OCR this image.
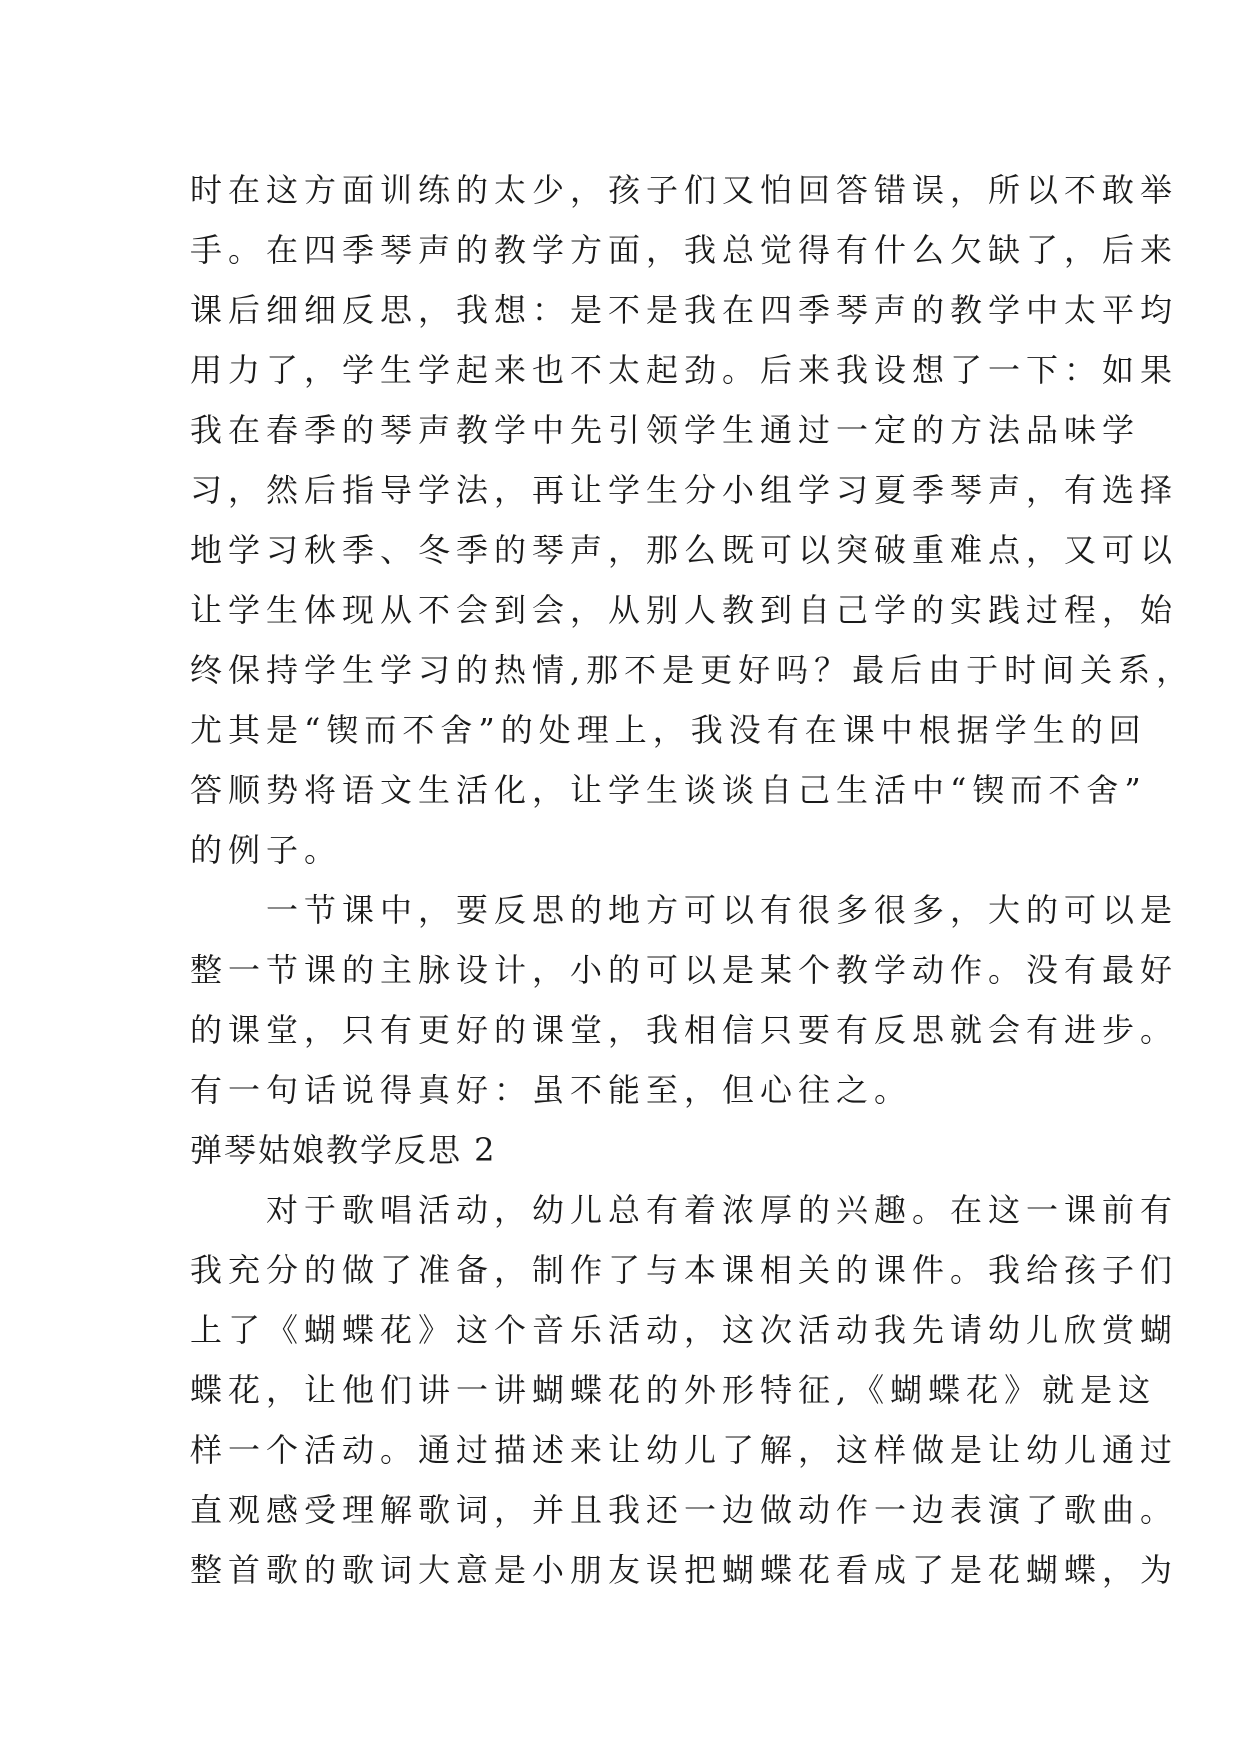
时在这方面训练的太少，孩子们又怕回答错误，所以不敢举
手。在四季琴声的教学方面，我总觉得有什么欠缺了，后来
课后细细反思，我想：是不是我在四季琴声的教学中太平均
用力了，学生学起来也不太起劲。后来我设想了一下：如果
我在春季的琴声教学中先引领学生通过一定的方法品味学
习，然后指导学法，再让学生分小组学习夏季琴声，有选择
地学习秋季、冬季的琴声，那么既可以突破重难点，又可以
让学生体现从不会到会，从别人教到自己学的实践过程，始
终保持学生学习的热情,那不是更好吗？最后由于时间关系，
尤其是“锲而不舍”的处理上，我没有在课中根据学生的回
答顺势将语文生活化，让学生谈谈自己生活中“锲而不舍”
的例子。
　　一节课中，要反思的地方可以有很多很多，大的可以是
整一节课的主脉设计，小的可以是某个教学动作。没有最好
的课堂，只有更好的课堂，我相信只要有反思就会有进步。
有一句话说得真好：虽不能至，但心往之。
弹琴姑娘教学反思 2
　　对于歌唱活动，幼儿总有着浓厚的兴趣。在这一课前有
我充分的做了准备，制作了与本课相关的课件。我给孩子们
上了《蝴蝶花》这个音乐活动，这次活动我先请幼儿欣赏蝴
蝶花，让他们讲一讲蝴蝶花的外形特征,《蝴蝶花》就是这
样一个活动。通过描述来让幼儿了解，这样做是让幼儿通过
直观感受理解歌词，并且我还一边做动作一边表演了歌曲。
整首歌的歌词大意是小朋友误把蝴蝶花看成了是花蝴蝶，为
